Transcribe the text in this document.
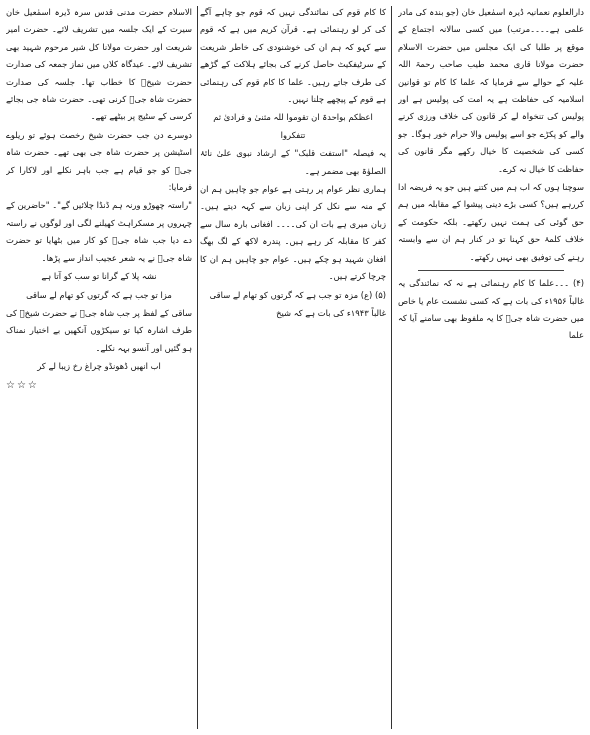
دارالعلوم نعمانیہ ڈیرہ اسمٰعیل خان (جو بندہ کی مادر علمی ہے۔۔۔۔مرتب) میں کسی سالانہ اجتماع کے موقع پر طلبا کی ایک مجلس میں حضرت الاسلام حضرت مولانا قاری محمد طیب صاحب رحمۃ اللہ علیہ کے حوالے سے فرمایا کہ علما کا کام تو قوانین اسلامیہ کی حفاظت ہے یہ امت کی پولیس ہے اور پولیس کی تنخواہ لے کر قانون کی خلاف ورزی کرنے والے کو پکڑے جو اسے پولیس والا حرام خور ہوگا۔ جو کسی کی شخصیت کا خیال رکھے مگر قانون کی حفاظت کا خیال نہ کرے۔

سوچنا ہوں کہ اب ہم میں کتنے ہیں جو یہ فریضہ ادا کررہے ہیں؟ کسی بڑے دینی پیشوا کے مقابلہ میں ہم حق گوئی کی ہمت نہیں رکھتے۔ بلکہ حکومت کے خلاف کلمۂ حق کہنا تو در کنار ہم ان سے وابستہ رہنے کی توفیق بھی نہیں رکھتے۔

(۴) ۔۔۔علما کا کام رہنمائی ہے نہ کہ نمائندگی یہ غالباً ۱۹۵۶ء کی بات ہے کہ کسی نشست عام یا خاص میں حضرت شاہ جیؒ کا یہ ملفوظ بھی سامنے آیا کہ علما

کا کام قوم کی نمائندگی نہیں کہ قوم جو چاہے آگے کی کر لو رہنمائی ہے۔ قرآن کریم میں ہے کہ قوم سے کہو کہ ہم ان کی خوشنودی کی خاطر شریعت کے سرٹیفکیٹ حاصل کرنے کی بجائے ہلاکت کے گڑھے کی طرف جاتے رہیں۔ علما کا کام قوم کی رہنمائی ہے قوم کے پیچھے چلنا نہیں۔

اعظکم بواحدۃ ان تقوموا للہ مثنیٰ و فرادیٰ ثم تتفکروا

یہ فیصلہ "استفت قلبک" کے ارشاد نبوی علیٰ نائۂ الصلوٰۃ بھی مضمر ہے۔

ہماری نظر عوام پر رہتی ہے عوام جو چاہیں ہم ان کے منہ سے نکل کر اپنی زبان سے کہہ دیتے ہیں۔ زبان میری ہے بات ان کی۔۔۔۔ افغانی بارہ سال سے کفر کا مقابلہ کر رہے ہیں۔ پندرہ لاکھ کے لگ بھگ افغان شہید ہو چکے ہیں۔ عوام جو چاہیں ہم ان کا چرچا کرتے ہیں۔

(۵) (ع) مزہ تو جب ہے کہ گرتوں کو تھام لے ساقی

غالباً ۱۹۴۳ء کی بات ہے کہ شیخ

الاسلام حضرت مدنی قدس سرہ ڈیرہ اسمٰعیل خان سیرت کے ایک جلسہ میں تشریف لائے۔ حضرت امیر شریعت اور حضرت مولانا کل شیر مرحوم شہید بھی تشریف لائے۔ عیدگاہ کلاں میں نماز جمعہ کی صدارت حضرت شیخؒ کا خطاب تھا۔ جلسہ کی صدارت حضرت شاہ جیؒ کرنی تھی۔ حضرت شاہ جی بجائے کرسی کے سٹیج پر بیٹھے تھے۔

دوسرے دن جب حضرت شیخ رخصت ہوئے تو ریلوے اسٹیشن پر حضرت شاہ جی بھی تھے۔ حضرت شاہ جیؒ کو جو قیام ہے جب باہر نکلے اور لاکارا کر فرمایا:

"راستہ چھوڑو ورنہ ہم ڈنڈا چلائیں گے"۔ "حاضرین کے چہروں پر مسکراہٹ کھیلنے لگی اور لوگوں نے راستہ دے دیا جب شاہ جیؒ کو کار میں بٹھایا تو حضرت شاہ جیؒ نے یہ شعر عجیب انداز سے پڑھا۔

نشہ پلا کے گرانا تو سب کو آتا ہے

مزا تو جب ہے کہ گرتوں کو تھام لے ساقی

ساقی کے لفظ پر جب شاہ جیؒ نے حضرت شیخؒ کی طرف اشارہ کیا تو سیکڑوں آنکھیں بے اختیار نمناک ہو گئیں اور آنسو بہہ نکلے۔

اب انھیں ڈھونڈو چراغ رخ زیبا لے کر

☆☆☆
